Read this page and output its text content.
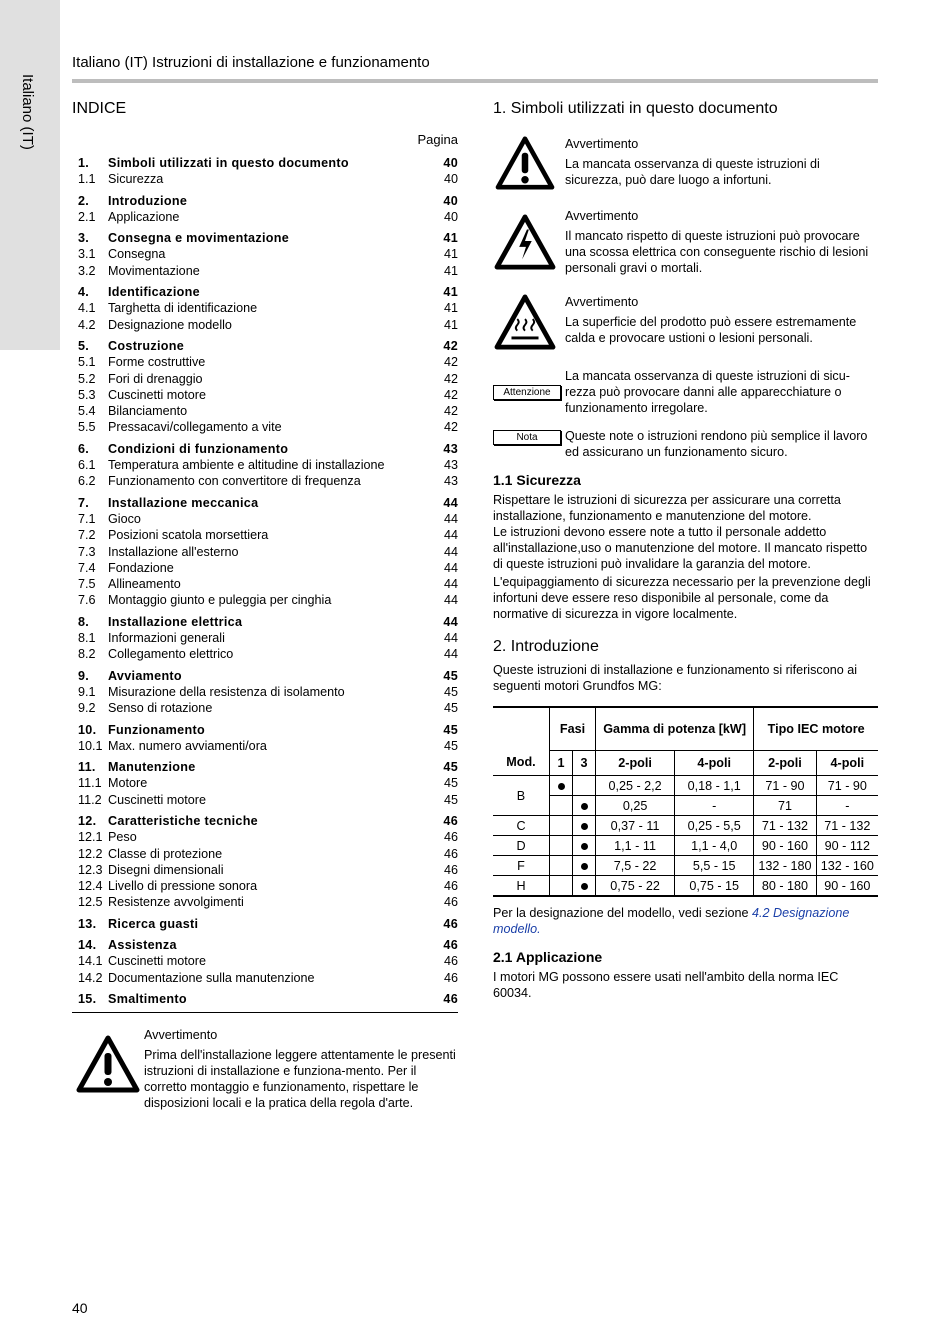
Italiano (IT)
Italiano (IT) Istruzioni di installazione e funzionamento
INDICE
Pagina
1.	Simboli utilizzati in questo documento	40
1.1 Sicurezza	40
2.	Introduzione	40
2.1 Applicazione	40
3.	Consegna e movimentazione	41
3.1 Consegna	41
3.2 Movimentazione	41
4.	Identificazione	41
4.1 Targhetta di identificazione	41
4.2 Designazione modello	41
5.	Costruzione	42
5.1 Forme costruttive	42
5.2 Fori di drenaggio	42
5.3 Cuscinetti motore	42
5.4 Bilanciamento	42
5.5 Pressacavi/collegamento a vite	42
6.	Condizioni di funzionamento	43
6.1 Temperatura ambiente e altitudine di installazione	43
6.2 Funzionamento con convertitore di frequenza	43
7.	Installazione meccanica	44
7.1 Gioco	44
7.2 Posizioni scatola morsettiera	44
7.3 Installazione all'esterno	44
7.4 Fondazione	44
7.5 Allineamento	44
7.6 Montaggio giunto e puleggia per cinghia	44
8.	Installazione elettrica	44
8.1 Informazioni generali	44
8.2 Collegamento elettrico	44
9.	Avviamento	45
9.1 Misurazione della resistenza di isolamento	45
9.2 Senso di rotazione	45
10. Funzionamento	45
10.1 Max. numero avviamenti/ora	45
11. Manutenzione	45
11.1 Motore	45
11.2 Cuscinetti motore	45
12. Caratteristiche tecniche	46
12.1 Peso	46
12.2 Classe di protezione	46
12.3 Disegni dimensionali	46
12.4 Livello di pressione sonora	46
12.5 Resistenze avvolgimenti	46
13. Ricerca guasti	46
14. Assistenza	46
14.1 Cuscinetti motore	46
14.2 Documentazione sulla manutenzione	46
15. Smaltimento	46
Avvertimento
Prima dell'installazione leggere attentamente le presenti istruzioni di installazione e funziona-mento. Per il corretto montaggio e funzionamento, rispettare le disposizioni locali e la pratica della regola d'arte.
1. Simboli utilizzati in questo documento
Avvertimento
La mancata osservanza di queste istruzioni di sicurezza, può dare luogo a infortuni.
Avvertimento
Il mancato rispetto di queste istruzioni può provocare una scossa elettrica con conseguente rischio di lesioni personali gravi o mortali.
Avvertimento
La superficie del prodotto può essere estremamente calda e provocare ustioni o lesioni personali.
Attenzione
La mancata osservanza di queste istruzioni di sicu-rezza può provocare danni alle apparecchiature o funzionamento irregolare.
Nota	Queste note o istruzioni rendono più semplice il lavoro ed assicurano un funzionamento sicuro.
1.1 Sicurezza

Rispettare le istruzioni di sicurezza per assicurare una corretta installazione, funzionamento e manutenzione del motore.

Le istruzioni devono essere note a tutto il personale addetto all'installazione,uso o manutenzione del motore. Il mancato rispetto di queste istruzioni può invalidare la garanzia del motore.

L'equipaggiamento di sicurezza necessario per la prevenzione degli infortuni deve essere reso disponibile al personale, come da normative di sicurezza in vigore localmente.

2. Introduzione

Queste istruzioni di installazione e funzionamento si riferiscono ai seguenti motori Grundfos MG:

Mod.	Fasi		Gamma di potenza [kW]		Tipo IEC motore	
	1	3	2-poli	4-poli	2-poli	4-poli
B			0,25 - 2,2	0,18 - 1,1	71 - 90	71 - 90
			0,25	-	71	-
C			0,37 - 11	0,25 - 5,5	71 - 132	71 - 132
D			1,1 - 11	1,1 - 4,0	90 - 160	90 - 112
F			7,5 - 22	5,5 - 15	132 - 180	132 - 160
H			0,75 - 22	0,75 - 15	80 - 180	90 - 160

Per la designazione del modello, vedi sezione 4.2 Designazione modello.

2.1 Applicazione

I motori MG possono essere usati nell'ambito della norma IEC 60034.

40
